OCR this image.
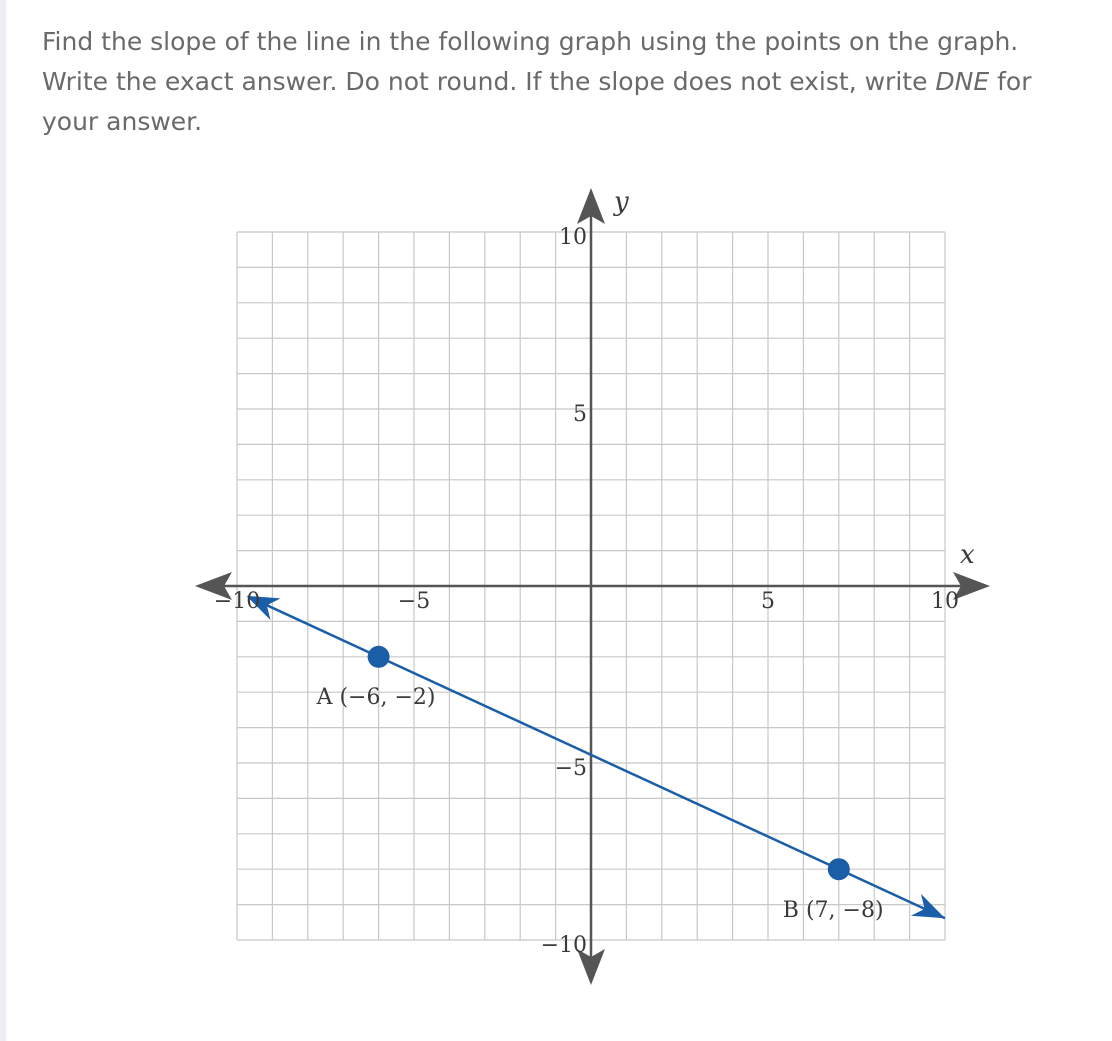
Find the slope of the line in the following graph using the points on the graph. Write the exact answer. Do not round. If the slope does not exist, write DNE for your answer.

x
y
−10	−5	5	10
10
5
−5
−10
A (−6, −2)
B (7, −8)
